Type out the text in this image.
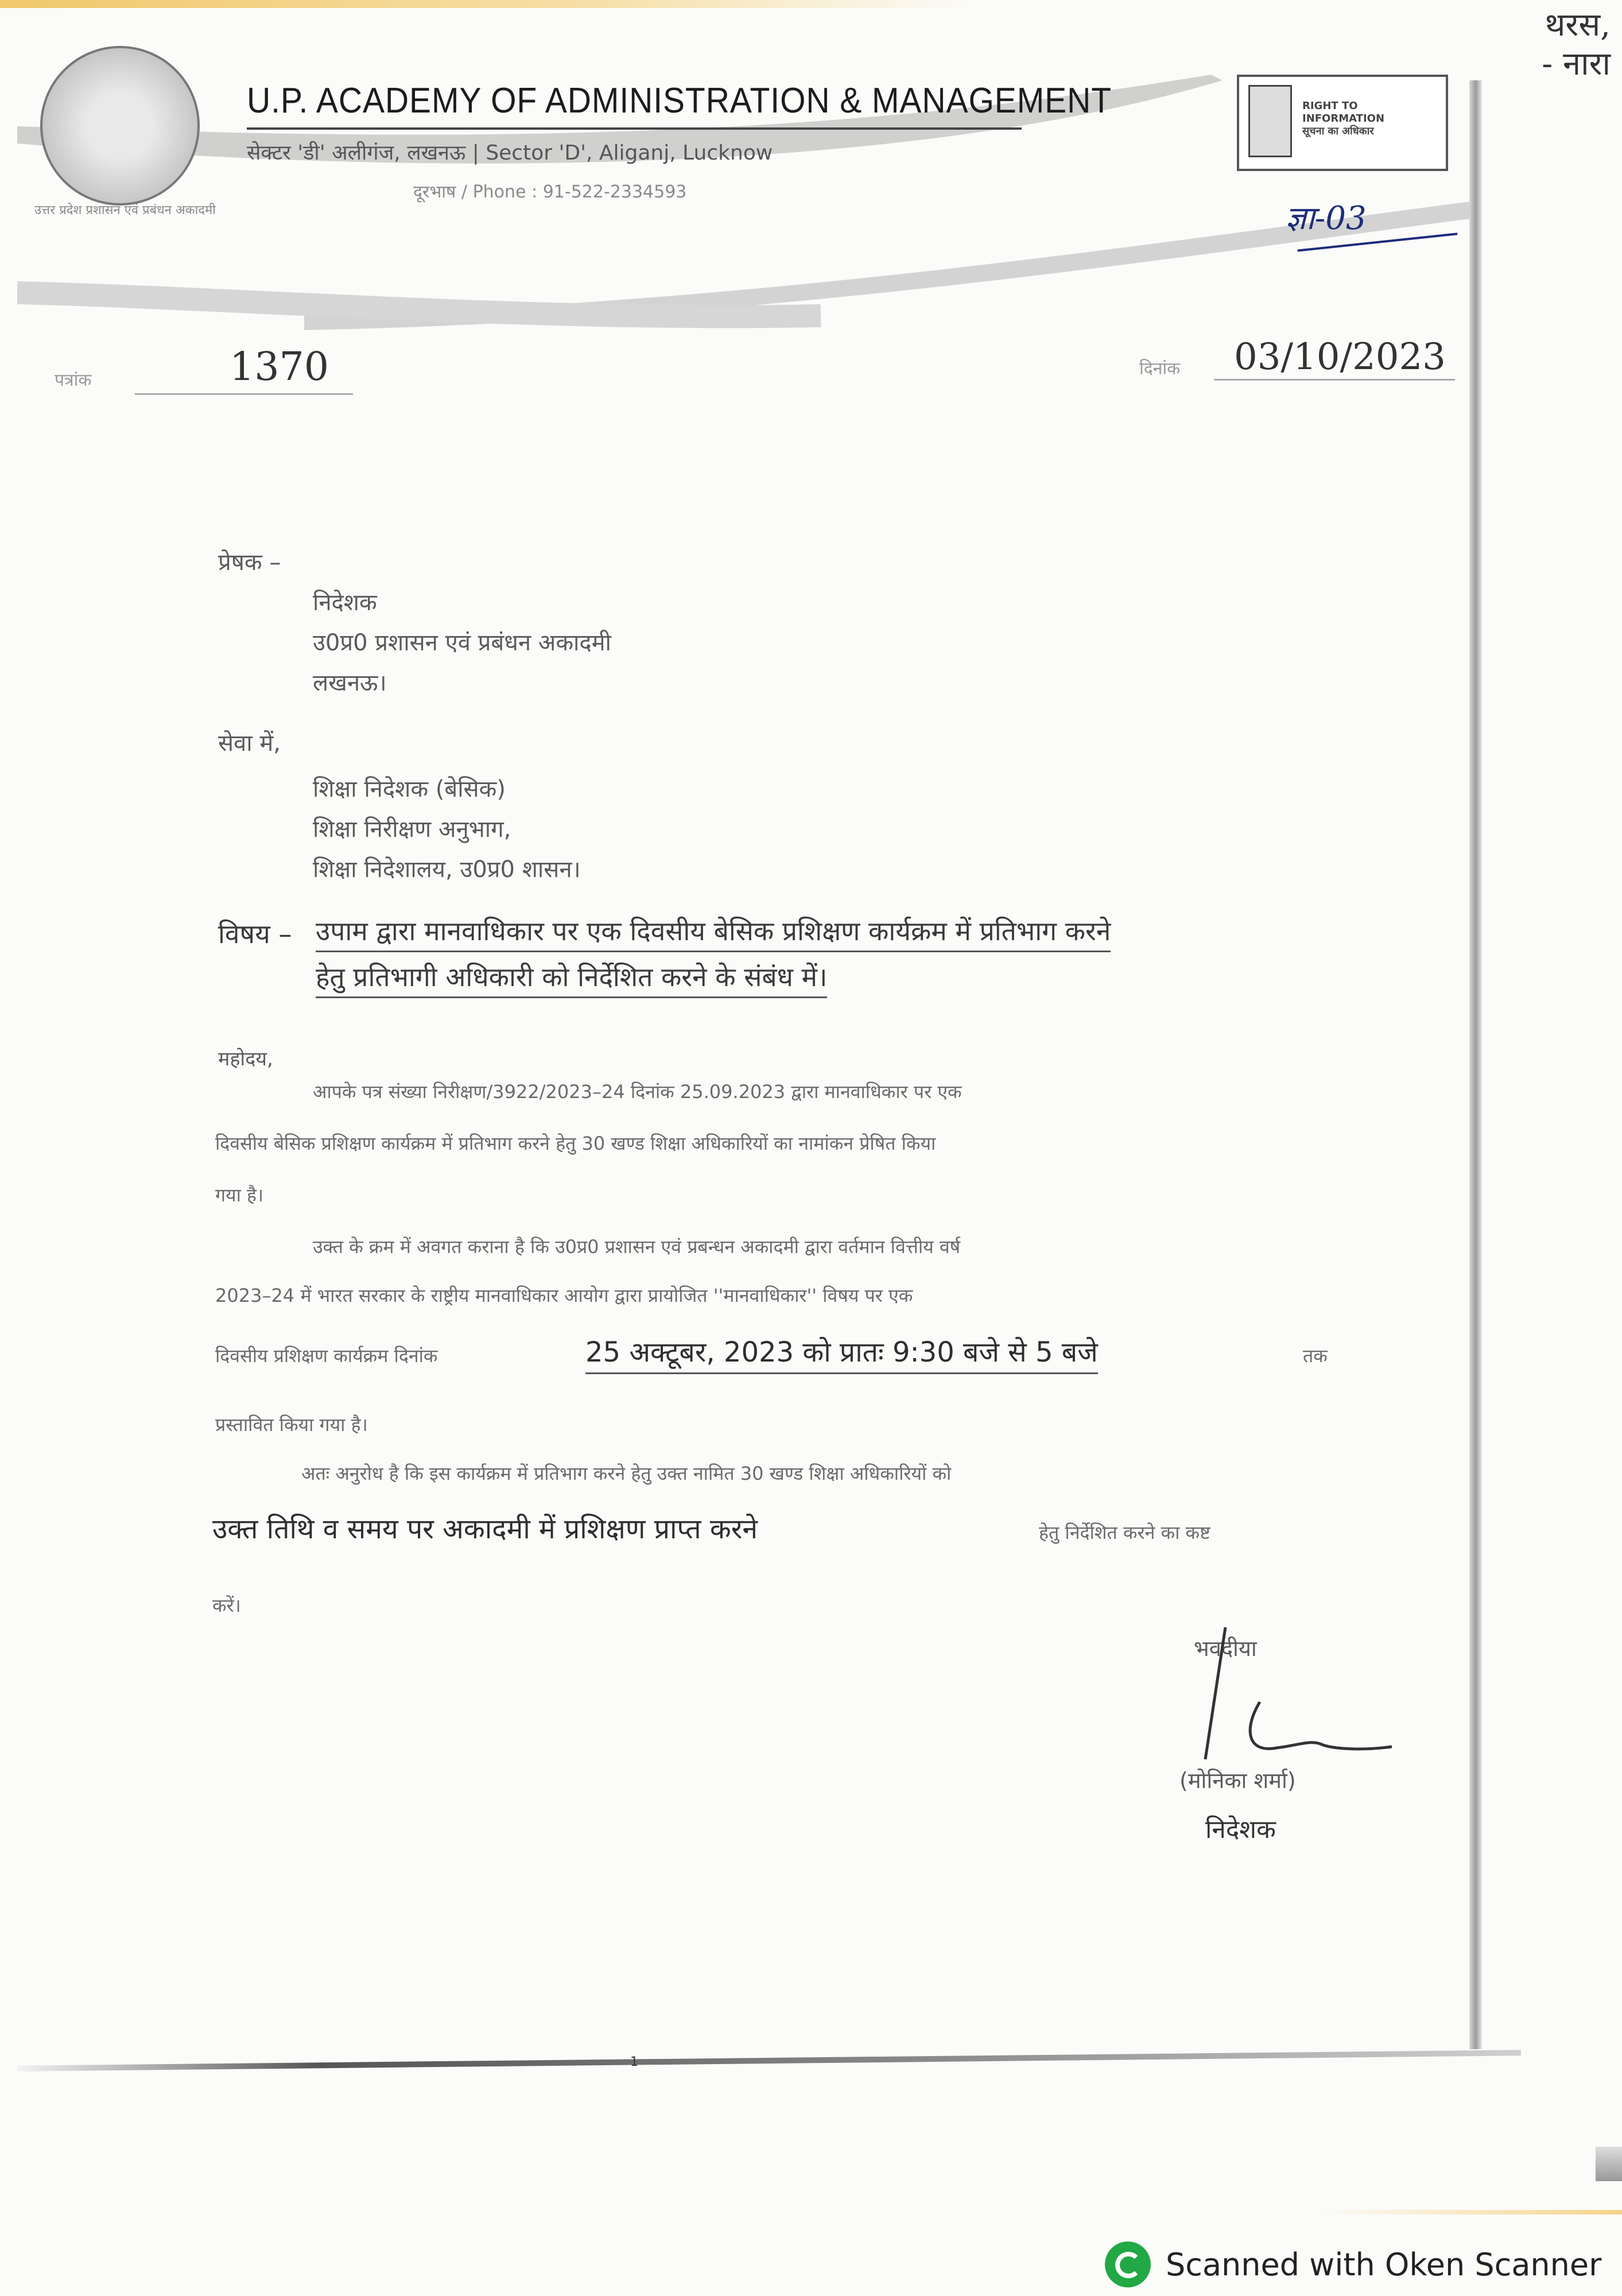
थरस,
- नारा
उत्तर प्रदेश प्रशासन एवं प्रबंधन अकादमी
U.P. ACADEMY OF ADMINISTRATION & MANAGEMENT
सेक्टर 'डी' अलीगंज, लखनऊ | Sector 'D', Aliganj, Lucknow
दूरभाष / Phone : 91-522-2334593
RIGHT TO
INFORMATION
सूचना का अधिकार
ज्ञा-03
पत्रांक	1370	दिनांक 03/10/2023
प्रेषक –
निदेशक
उ0प्र0 प्रशासन एवं प्रबंधन अकादमी
लखनऊ।
सेवा में,
शिक्षा निदेशक (बेसिक)
शिक्षा निरीक्षण अनुभाग,
शिक्षा निदेशालय, उ0प्र0 शासन।
विषय – उपाम द्वारा मानवाधिकार पर एक दिवसीय बेसिक प्रशिक्षण कार्यक्रम में प्रतिभाग करने
हेतु प्रतिभागी अधिकारी को निर्देशित करने के संबंध में।
महोदय,
आपके पत्र संख्या निरीक्षण/3922/2023–24 दिनांक 25.09.2023 द्वारा मानवाधिकार पर एक
दिवसीय बेसिक प्रशिक्षण कार्यक्रम में प्रतिभाग करने हेतु 30 खण्ड शिक्षा अधिकारियों का नामांकन प्रेषित किया
गया है।
उक्त के क्रम में अवगत कराना है कि उ0प्र0 प्रशासन एवं प्रबन्धन अकादमी द्वारा वर्तमान वित्तीय वर्ष
2023–24 में भारत सरकार के राष्ट्रीय मानवाधिकार आयोग द्वारा प्रायोजित ''मानवाधिकार'' विषय पर एक
दिवसीय प्रशिक्षण कार्यक्रम दिनांक	25 अक्टूबर, 2023 को प्रातः 9:30 बजे से 5 बजे	तक
प्रस्तावित किया गया है।
अतः अनुरोध है कि इस कार्यक्रम में प्रतिभाग करने हेतु उक्त नामित 30 खण्ड शिक्षा अधिकारियों को
उक्त तिथि व समय पर अकादमी में प्रशिक्षण प्राप्त करने	हेतु निर्देशित करने का कष्ट
करें।
भवदीया
(मोनिका शर्मा)
निदेशक
1
Scanned with Oken Scanner
